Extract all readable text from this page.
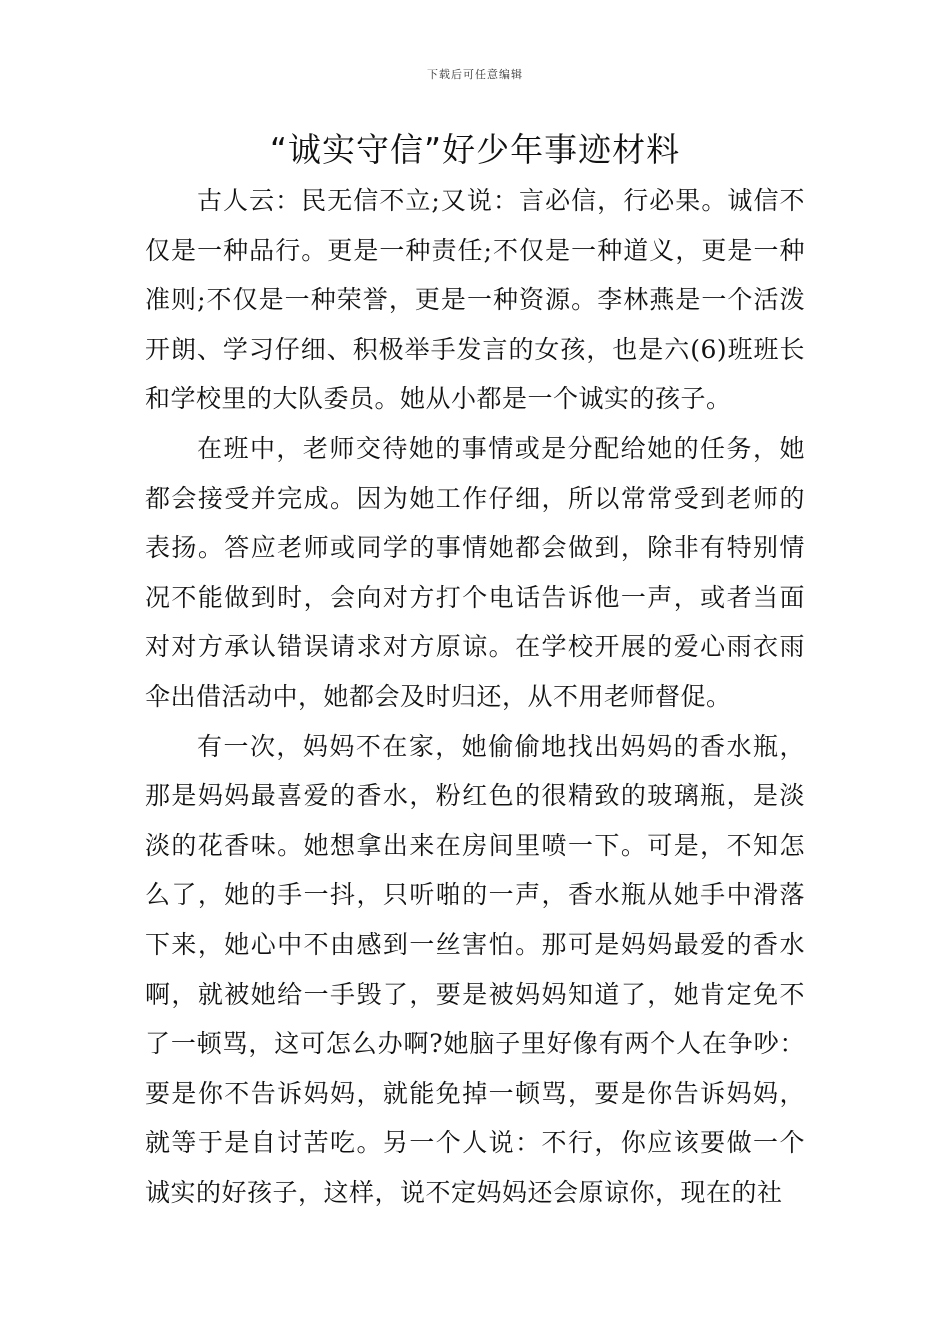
下载后可任意编辑
“诚实守信”好少年事迹材料

古人云：民无信不立;又说：言必信，行必果。诚信不仅是一种品行。更是一种责任;不仅是一种道义，更是一种准则;不仅是一种荣誉，更是一种资源。李林燕是一个活泼开朗、学习仔细、积极举手发言的女孩，也是六(6)班班长和学校里的大队委员。她从小都是一个诚实的孩子。

在班中，老师交待她的事情或是分配给她的任务，她都会接受并完成。因为她工作仔细，所以常常受到老师的表扬。答应老师或同学的事情她都会做到，除非有特别情况不能做到时，会向对方打个电话告诉他一声，或者当面对对方承认错误请求对方原谅。在学校开展的爱心雨衣雨伞出借活动中，她都会及时归还，从不用老师督促。

有一次，妈妈不在家，她偷偷地找出妈妈的香水瓶，那是妈妈最喜爱的香水，粉红色的很精致的玻璃瓶，是淡淡的花香味。她想拿出来在房间里喷一下。可是，不知怎么了，她的手一抖，只听啪的一声，香水瓶从她手中滑落下来，她心中不由感到一丝害怕。那可是妈妈最爱的香水啊，就被她给一手毁了，要是被妈妈知道了，她肯定免不了一顿骂，这可怎么办啊?她脑子里好像有两个人在争吵：要是你不告诉妈妈，就能免掉一顿骂，要是你告诉妈妈，就等于是自讨苦吃。另一个人说：不行，你应该要做一个诚实的好孩子，这样，说不定妈妈还会原谅你，现在的社
